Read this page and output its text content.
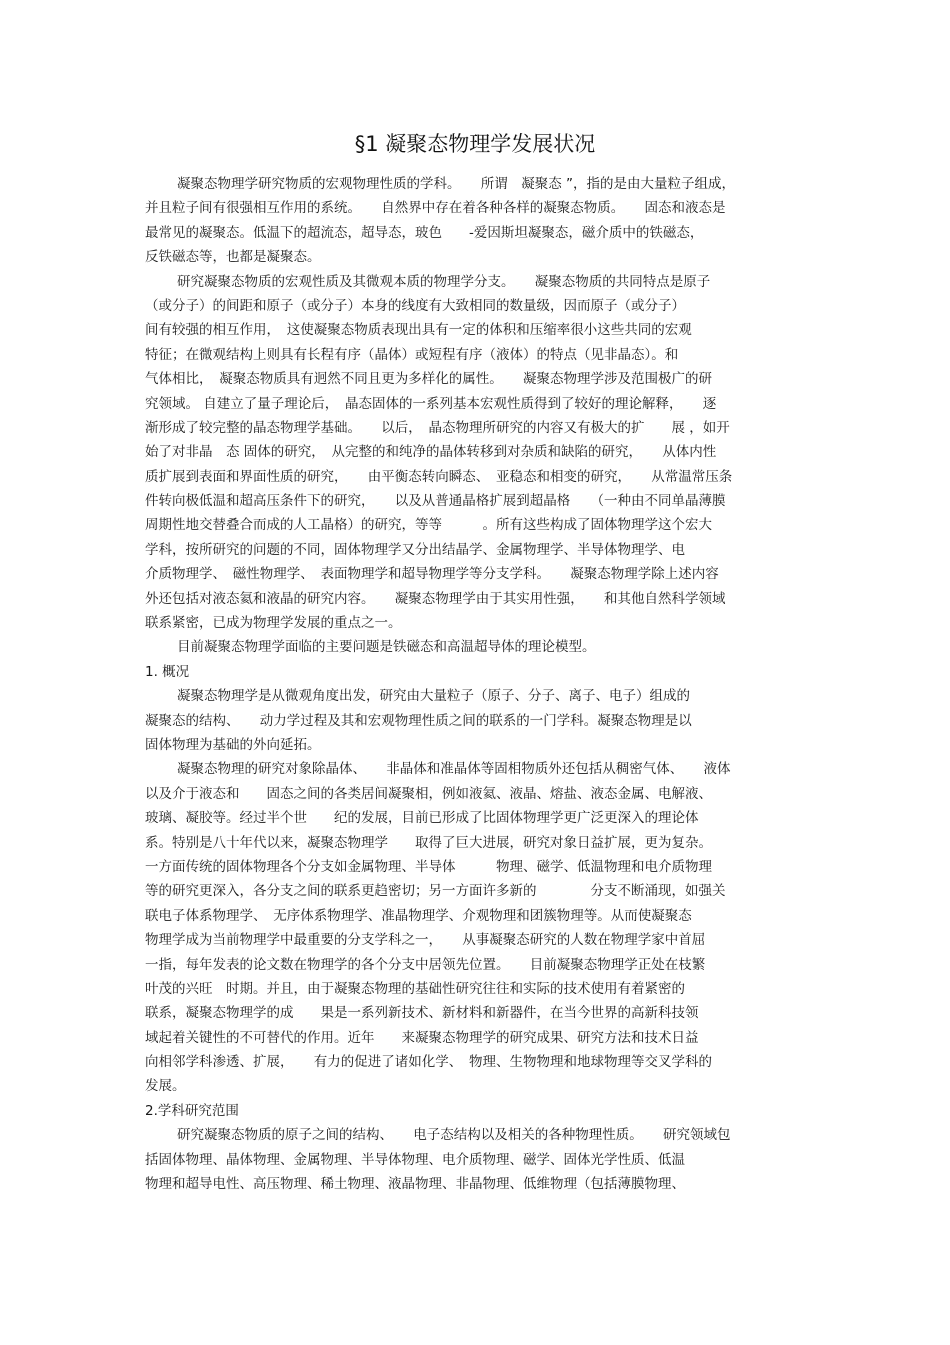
§1 凝聚态物理学发展状况
凝聚态物理学研究物质的宏观物理性质的学科。　　所谓　凝聚态 ”，指的是由大量粒子组成，
并且粒子间有很强相互作用的系统。　　自然界中存在着各种各样的凝聚态物质。　　固态和液态是
最常见的凝聚态。低温下的超流态，超导态，玻色　　-爱因斯坦凝聚态，磁介质中的铁磁态，
反铁磁态等，也都是凝聚态。
研究凝聚态物质的宏观性质及其微观本质的物理学分支。　　凝聚态物质的共同特点是原子
（或分子）的间距和原子（或分子）本身的线度有大致相同的数量级，因而原子（或分子）
间有较强的相互作用，　这使凝聚态物质表现出具有一定的体积和压缩率很小这些共同的宏观
特征；在微观结构上则具有长程有序（晶体）或短程有序（液体）的特点（见非晶态）。和
气体相比，　凝聚态物质具有迥然不同且更为多样化的属性。　　凝聚态物理学涉及范围极广的研
究领域。 自建立了量子理论后，　晶态固体的一系列基本宏观性质得到了较好的理论解释，　　逐
渐形成了较完整的晶态物理学基础。　　以后，　晶态物理所研究的内容又有极大的扩　　展 ，如开
始了对非晶　态 固体的研究，　从完整的和纯净的晶体转移到对杂质和缺陷的研究，　　从体内性
质扩展到表面和界面性质的研究，　　由平衡态转向瞬态、　亚稳态和相变的研究，　　从常温常压条
件转向极低温和超高压条件下的研究，　　以及从普通晶格扩展到超晶格　　（一种由不同单晶薄膜
周期性地交替叠合而成的人工晶格）的研究，等等　　　。所有这些构成了固体物理学这个宏大
学科，按所研究的问题的不同，固体物理学又分出结晶学、金属物理学、半导体物理学、电
介质物理学、　磁性物理学、　表面物理学和超导物理学等分支学科。　　凝聚态物理学除上述内容
外还包括对液态氦和液晶的研究内容。　　凝聚态物理学由于其实用性强，　　和其他自然科学领域
联系紧密，已成为物理学发展的重点之一。
目前凝聚态物理学面临的主要问题是铁磁态和高温超导体的理论模型。
1. 概况
凝聚态物理学是从微观角度出发，研究由大量粒子（原子、分子、离子、电子）组成的
凝聚态的结构、　　动力学过程及其和宏观物理性质之间的联系的一门学科。凝聚态物理是以
固体物理为基础的外向延拓。
凝聚态物理的研究对象除晶体、　　非晶体和准晶体等固相物质外还包括从稠密气体、　　液体
以及介于液态和　　固态之间的各类居间凝聚相，例如液氦、液晶、熔盐、液态金属、电解液、
玻璃、凝胶等。经过半个世　　纪的发展，目前已形成了比固体物理学更广泛更深入的理论体
系。特别是八十年代以来，凝聚态物理学　　取得了巨大进展，研究对象日益扩展，更为复杂。
一方面传统的固体物理各个分支如金属物理、半导体　　　物理、磁学、低温物理和电介质物理
等的研究更深入，各分支之间的联系更趋密切；另一方面许多新的　　　　分支不断涌现，如强关
联电子体系物理学、　无序体系物理学、准晶物理学、介观物理和团簇物理等。从而使凝聚态
物理学成为当前物理学中最重要的分支学科之一，　　从事凝聚态研究的人数在物理学家中首屈
一指，每年发表的论文数在物理学的各个分支中居领先位置。　　目前凝聚态物理学正处在枝繁
叶茂的兴旺　时期。并且，由于凝聚态物理的基础性研究往往和实际的技术使用有着紧密的
联系，凝聚态物理学的成　　果是一系列新技术、新材料和新器件，在当今世界的高新科技领
域起着关键性的不可替代的作用。近年　　来凝聚态物理学的研究成果、研究方法和技术日益
向相邻学科渗透、扩展，　　有力的促进了诸如化学、　物理、生物物理和地球物理等交叉学科的
发展。
2.学科研究范围
研究凝聚态物质的原子之间的结构、　　电子态结构以及相关的各种物理性质。　　研究领域包
括固体物理、晶体物理、金属物理、半导体物理、电介质物理、磁学、固体光学性质、低温
物理和超导电性、高压物理、稀土物理、液晶物理、非晶物理、低维物理（包括薄膜物理、
